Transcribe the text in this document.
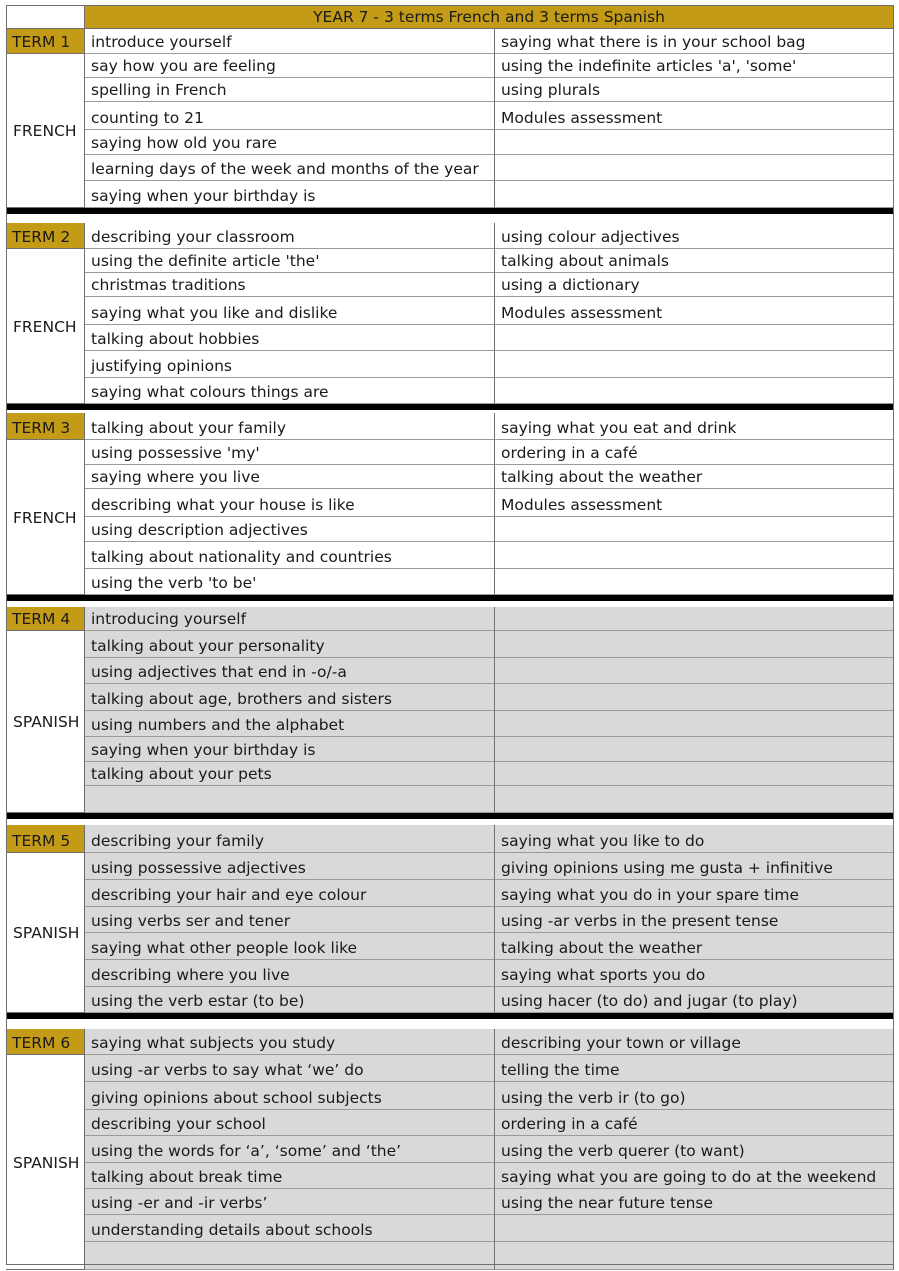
YEAR 7 - 3 terms French and 3 terms Spanish
TERM 1
FRENCH
introduce yourself	saying what there is in your school bag
say how you are feeling	using the indefinite articles 'a', 'some'
spelling in French	using plurals
counting to 21	Modules assessment
saying how old you rare
learning days of the week and months of the year
saying when your birthday is
TERM 2
FRENCH
describing your classroom	using colour adjectives
using the definite article 'the'	talking about animals
christmas traditions	using a dictionary
saying what you like and dislike	Modules assessment
talking about hobbies
justifying opinions
saying what colours things are
TERM 3
FRENCH
talking about your family	saying what you eat and drink
using possessive 'my'	ordering in a café
saying where you live	talking about the weather
describing what your house is like	Modules assessment
using description adjectives
talking about nationality and countries
using the verb 'to be'
TERM 4
SPANISH
introducing yourself
talking about your personality
using adjectives that end in -o/-a
talking about age, brothers and sisters
using numbers and the alphabet
saying when your birthday is
talking about your pets
TERM 5
SPANISH
describing your family	saying what you like to do
using possessive adjectives	giving opinions using me gusta + infinitive
describing your hair and eye colour	saying what you do in your spare time
using verbs ser and tener	using -ar verbs in the present tense
saying what other people look like	talking about the weather
describing where you live	saying what sports you do
using the verb estar (to be)	using hacer (to do) and jugar (to play)
TERM 6
SPANISH
saying what subjects you study	describing your town or village
using -ar verbs to say what ‘we’ do	telling the time
giving opinions about school subjects	using the verb ir (to go)
describing your school	ordering in a café
using the words for ‘a’, ‘some’ and ‘the’	using the verb querer (to want)
talking about break time	saying what you are going to do at the weekend
using -er and -ir verbs’	using the near future tense
understanding details about schools
